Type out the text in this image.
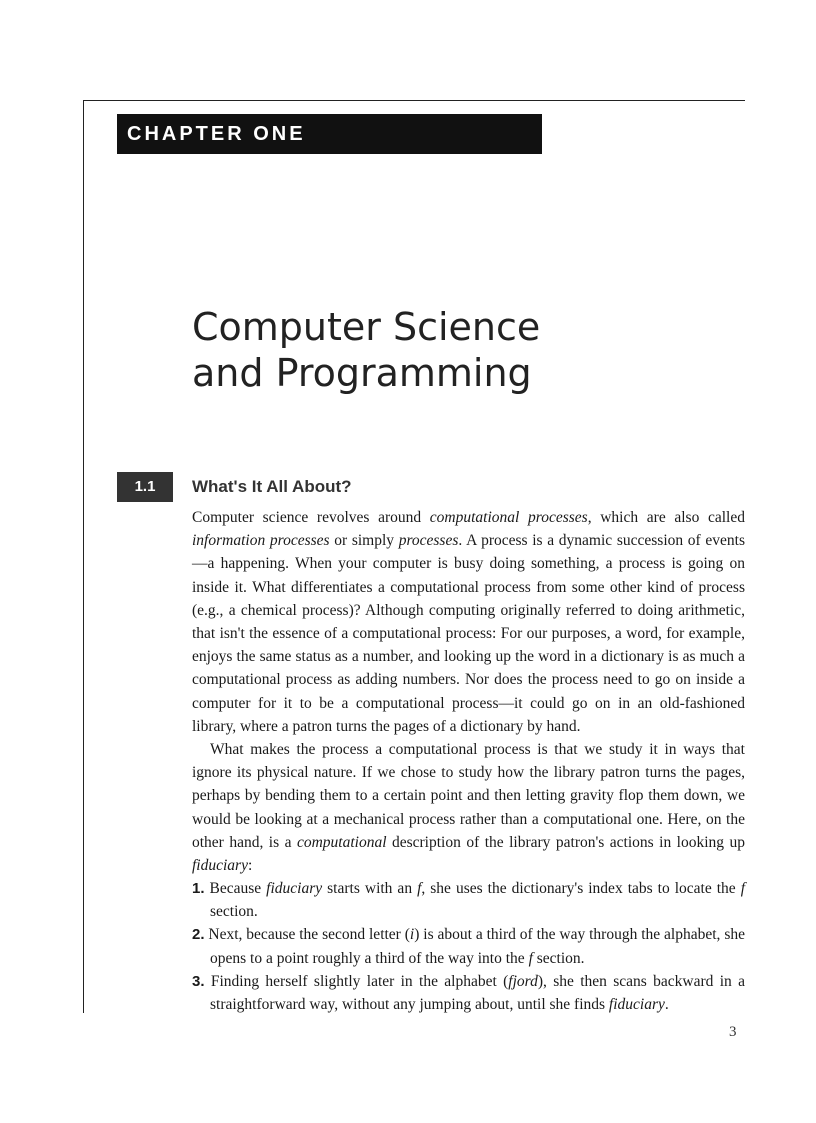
CHAPTER ONE
Computer Science
and Programming
1.1	What's It All About?

Computer science revolves around computational processes, which are also called information processes or simply processes. A process is a dynamic succession of events—a happening. When your computer is busy doing something, a process is going on inside it. What differentiates a computational process from some other kind of process (e.g., a chemical process)? Although computing originally referred to doing arithmetic, that isn't the essence of a computational process: For our purposes, a word, for example, enjoys the same status as a number, and looking up the word in a dictionary is as much a computational process as adding numbers. Nor does the process need to go on inside a computer for it to be a computational process—it could go on in an old-fashioned library, where a patron turns the pages of a dictionary by hand.

What makes the process a computational process is that we study it in ways that ignore its physical nature. If we chose to study how the library patron turns the pages, perhaps by bending them to a certain point and then letting gravity flop them down, we would be looking at a mechanical process rather than a computational one. Here, on the other hand, is a computational description of the library patron's actions in looking up fiduciary:

1. Because fiduciary starts with an f, she uses the dictionary's index tabs to locate the f section.
2. Next, because the second letter (i) is about a third of the way through the alphabet, she opens to a point roughly a third of the way into the f section.
3. Finding herself slightly later in the alphabet (fjord), she then scans backward in a straightforward way, without any jumping about, until she finds fiduciary.
3
